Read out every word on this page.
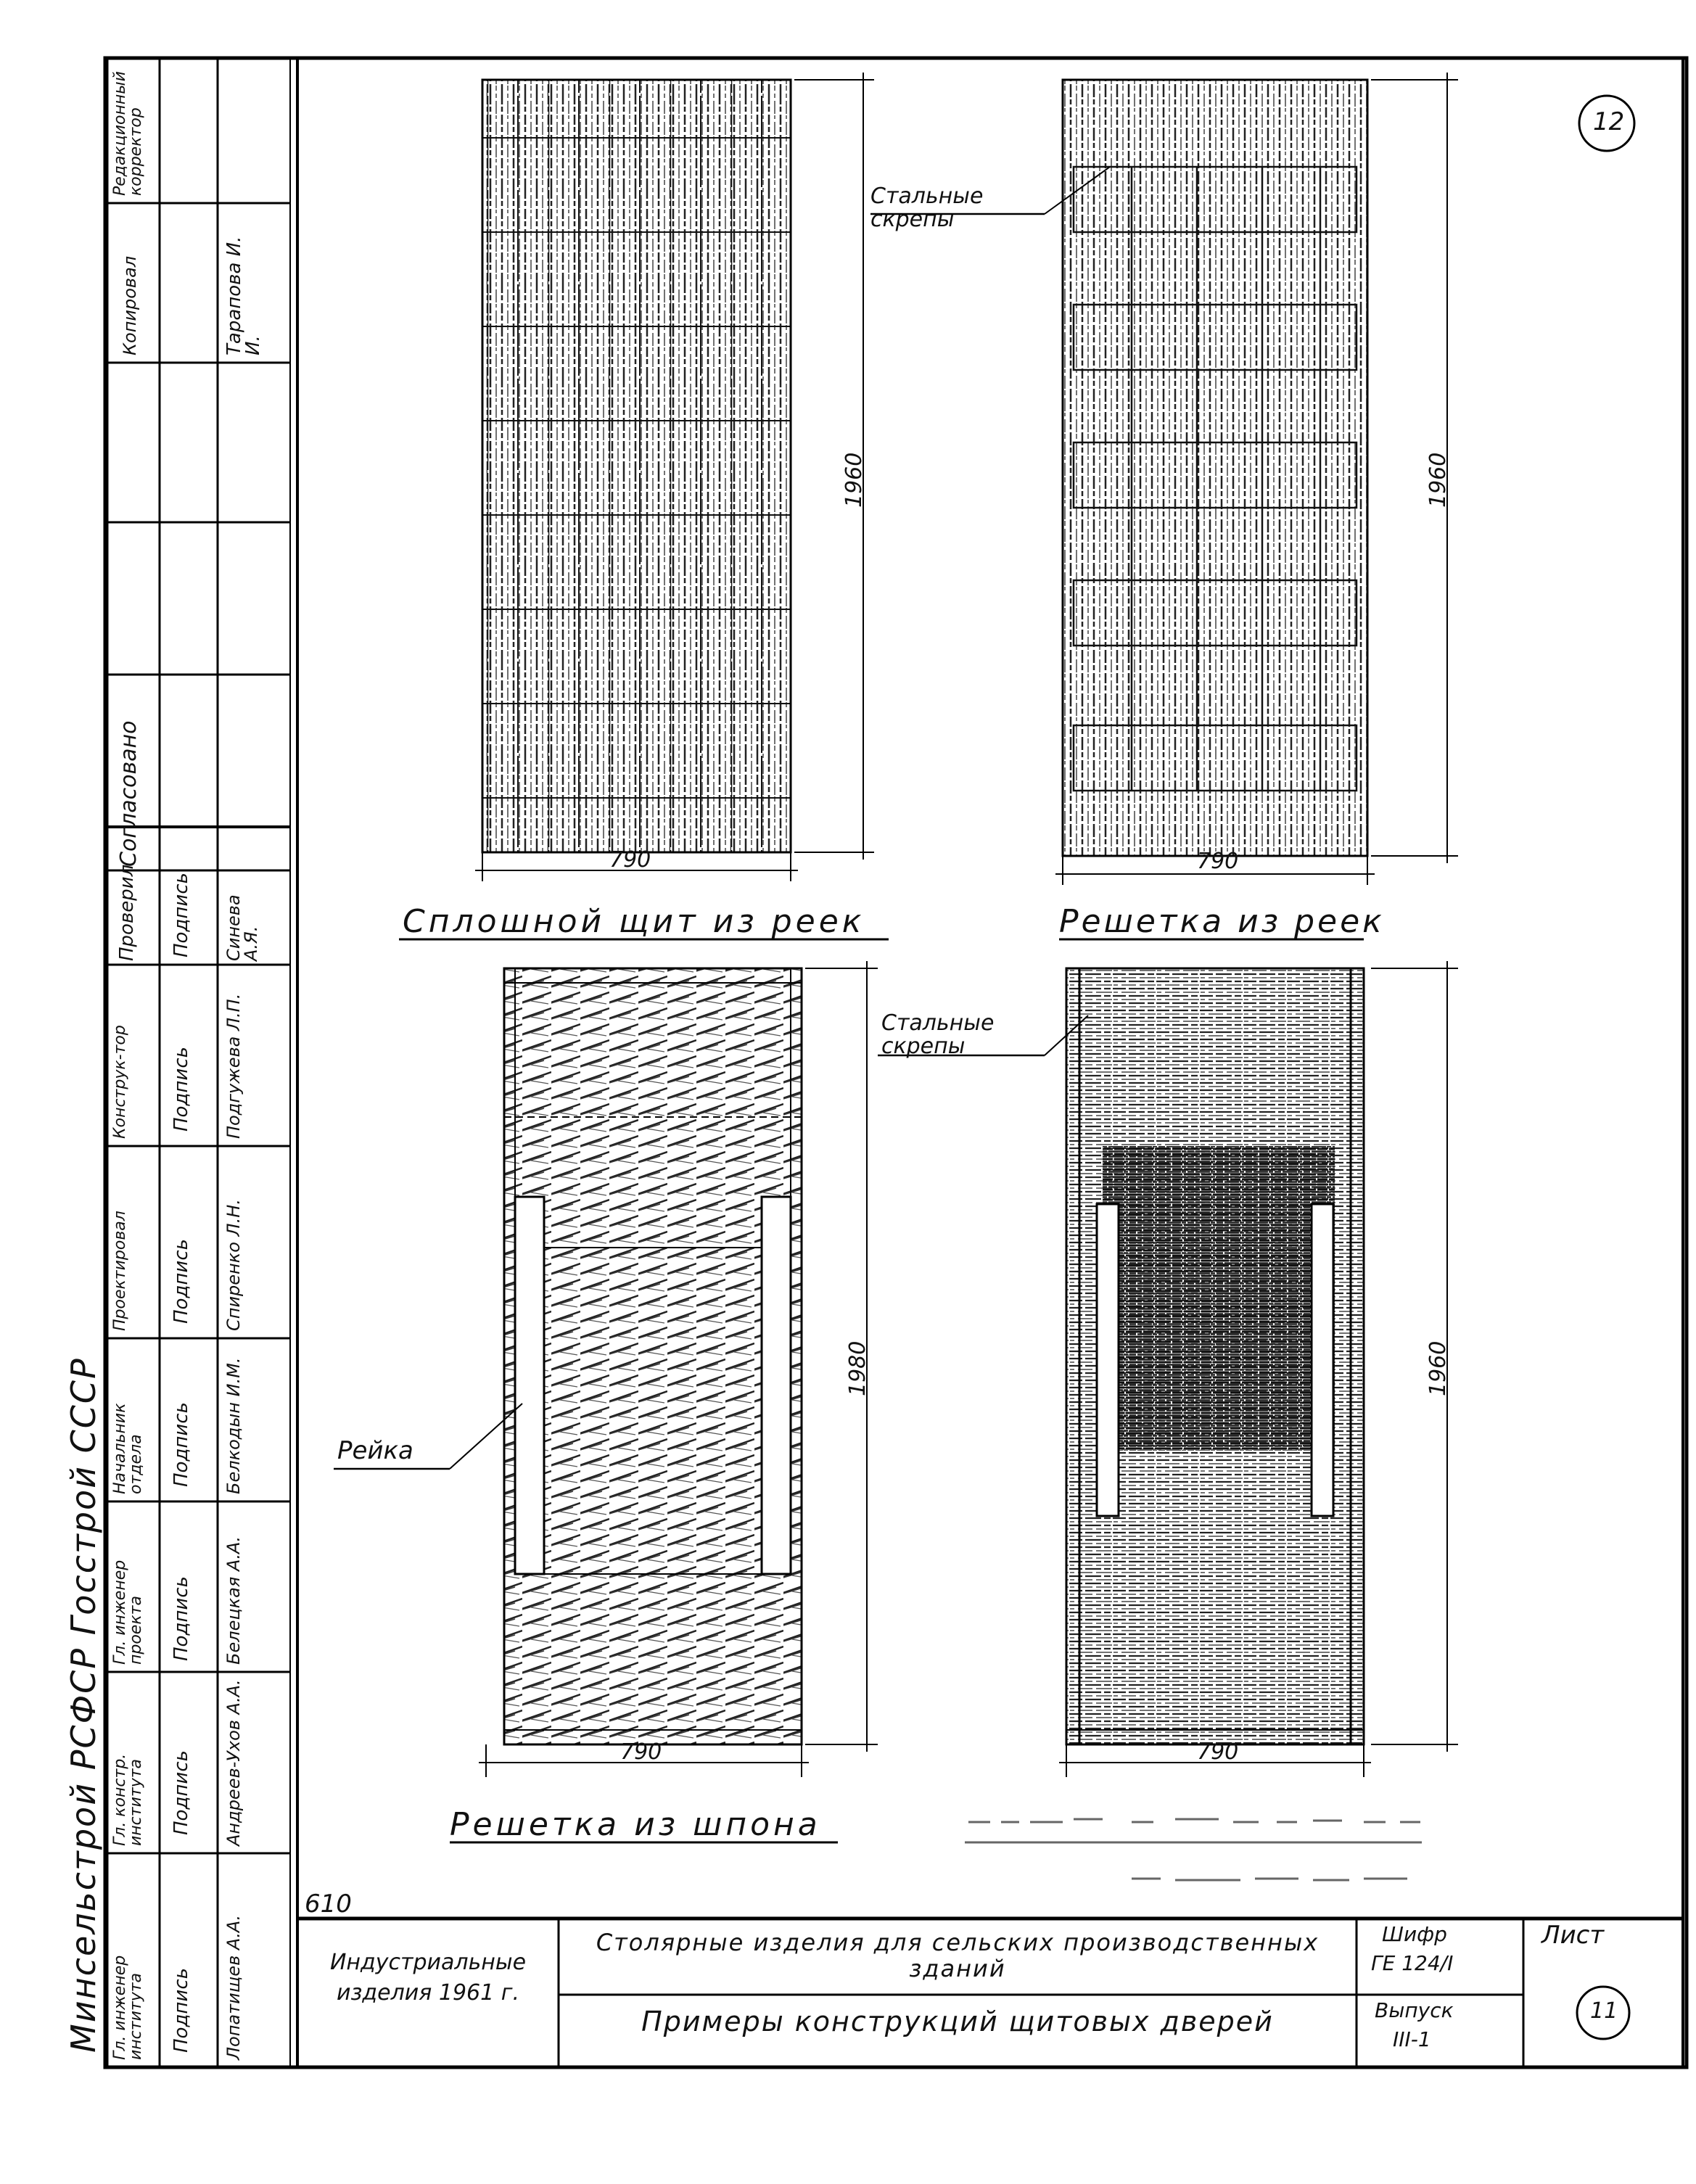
12
610
Минсельстрой РСФСР Госстрой СССР
Согласовано
Редакционный корректор
Копировал	Тарапова И. И.
Гл. инженер института Подпись Лопатищев А.А.
Гл. констр. института Подпись Андреев-Ухов А.А.
Гл. инженер проекта Подпись Белецкая А.А.
Начальник отдела Подпись Белкодын И.М.
Проектировал Подпись Спиренко Л.Н.
Конструк-тор Подпись Подгужева Л.П.
Проверил Подпись Синева А.Я.
790
1960
Сплошной щит из реек
790
1960
Решетка из реек
Стальные скрепы
790
1980
Решетка из шпона
Рейка
790
1960
Стальные скрепы
Индустриальные изделия 1961 г.
Столярные изделия для сельских производственных зданий
Примеры конструкций щитовых дверей
Шифр
ГЕ 124/I
Выпуск
III-1
Лист
11
